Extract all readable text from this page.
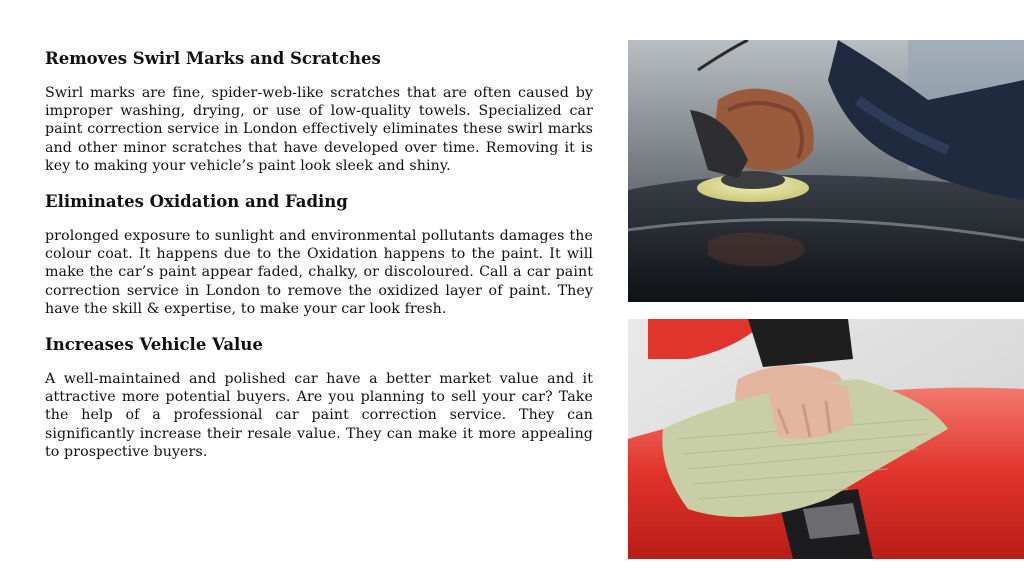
Removes Swirl Marks and Scratches

Swirl marks are fine, spider-web-like scratches that are often caused by improper washing, drying, or use of low-quality towels. Specialized car paint correction service in London effectively eliminates these swirl marks and other minor scratches that have developed over time. Removing it is key to making your vehicle’s paint look sleek and shiny.

Eliminates Oxidation and Fading

prolonged exposure to sunlight and environmental pollutants damages the colour coat. It happens due to the Oxidation happens to the paint. It will make the car’s paint appear faded, chalky, or discoloured. Call a car paint correction service in London to remove the oxidized layer of paint. They have the skill & expertise, to make your car look fresh.

Increases Vehicle Value

A well-maintained and polished car have a better market value and it attractive more potential buyers. Are you planning to sell your car? Take the help of a professional car paint correction service. They can significantly increase their resale value. They can make it more appealing to prospective buyers.
